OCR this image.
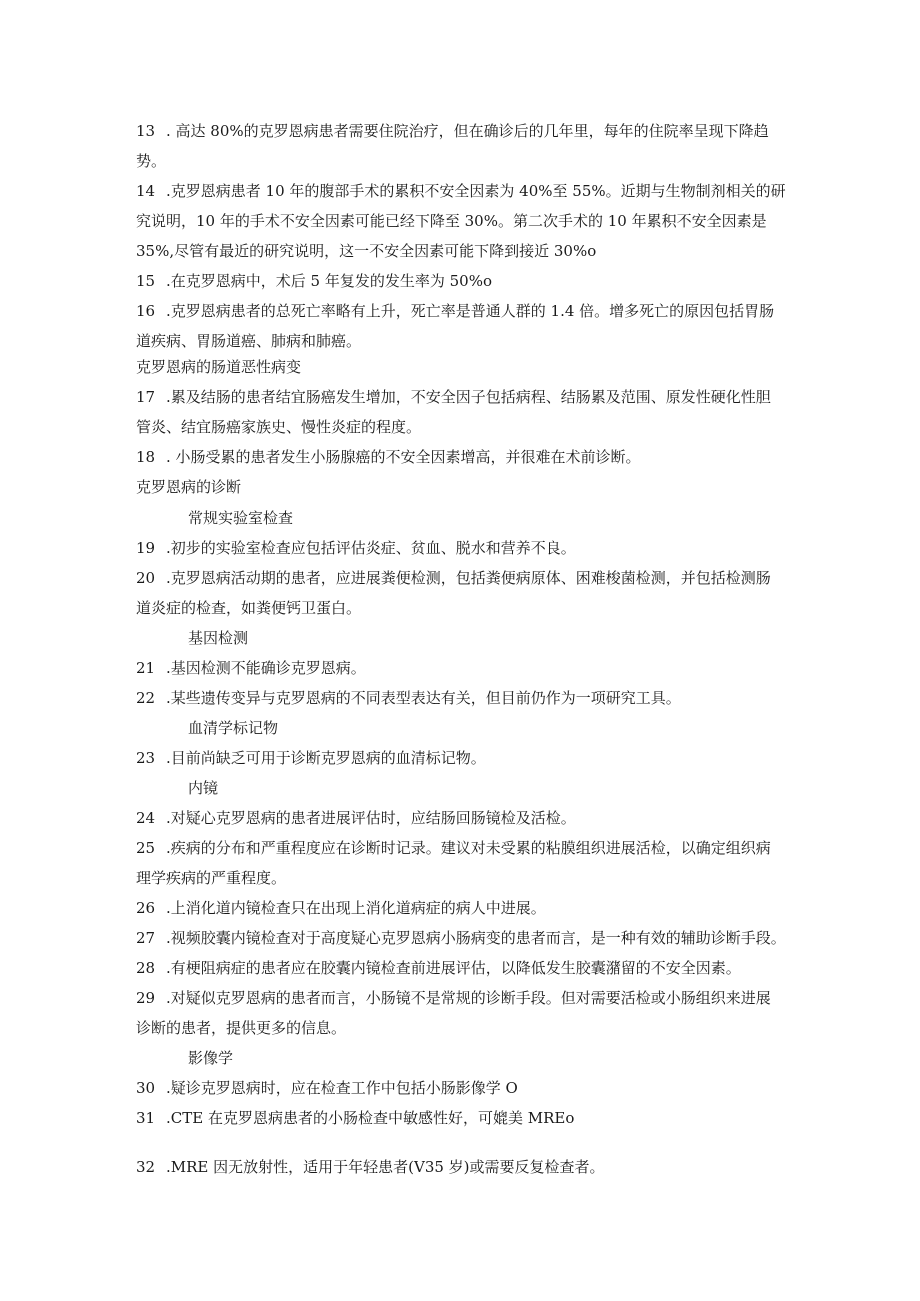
13 . 高达 80%的克罗恩病患者需要住院治疗，但在确诊后的几年里，每年的住院率呈现下降趋
势。
14 .克罗恩病患者 10 年的腹部手术的累积不安全因素为 40%至 55%。近期与生物制剂相关的研
究说明，10 年的手术不安全因素可能已经下降至 30%。第二次手术的 10 年累积不安全因素是
35%,尽管有最近的研究说明，这一不安全因素可能下降到接近 30%o
15 .在克罗恩病中，术后 5 年复发的发生率为 50%o
16 .克罗恩病患者的总死亡率略有上升，死亡率是普通人群的 1.4 倍。增多死亡的原因包括胃肠
道疾病、胃肠道癌、肺病和肺癌。
克罗恩病的肠道恶性病变
17 .累及结肠的患者结宜肠癌发生增加，不安全因子包括病程、结肠累及范围、原发性硬化性胆
管炎、结宜肠癌家族史、慢性炎症的程度。
18 . 小肠受累的患者发生小肠腺癌的不安全因素增高，并很难在术前诊断。
克罗恩病的诊断
常规实验室检查
19 .初步的实验室检查应包括评估炎症、贫血、脱水和营养不良。
20 .克罗恩病活动期的患者，应进展粪便检测，包括粪便病原体、困难梭菌检测，并包括检测肠
道炎症的检查，如粪便钙卫蛋白。
基因检测
21 .基因检测不能确诊克罗恩病。
22 .某些遗传变异与克罗恩病的不同表型表达有关，但目前仍作为一项研究工具。
血清学标记物
23 .目前尚缺乏可用于诊断克罗恩病的血清标记物。
内镜
24 .对疑心克罗恩病的患者进展评估时，应结肠回肠镜检及活检。
25 .疾病的分布和严重程度应在诊断时记录。建议对未受累的粘膜组织进展活检，以确定组织病
理学疾病的严重程度。
26 .上消化道内镜检查只在出现上消化道病症的病人中进展。
27 .视频胶囊内镜检查对于高度疑心克罗恩病小肠病变的患者而言，是一种有效的辅助诊断手段。
28 .有梗阻病症的患者应在胶囊内镜检查前进展评估，以降低发生胶囊潴留的不安全因素。
29 .对疑似克罗恩病的患者而言，小肠镜不是常规的诊断手段。但对需要活检或小肠组织来进展
诊断的患者，提供更多的信息。
影像学
30 .疑诊克罗恩病时，应在检查工作中包括小肠影像学 O
31 .CTE 在克罗恩病患者的小肠检查中敏感性好，可媲美 MREo
32 .MRE 因无放射性，适用于年轻患者(V35 岁)或需要反复检查者。
